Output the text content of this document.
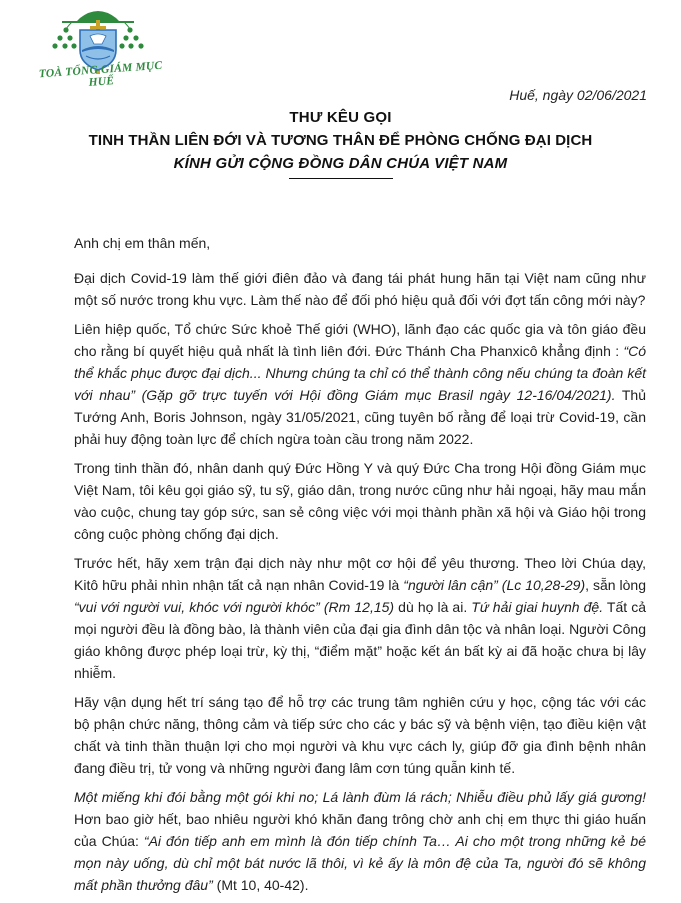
TOÀ TỔNG GIÁM MỤC HUẾ
Huế, ngày 02/06/2021
THƯ KÊU GỌI
TINH THẦN LIÊN ĐỚI VÀ TƯƠNG THÂN ĐỂ PHÒNG CHỐNG ĐẠI DỊCH
KÍNH GỬI CỘNG ĐỒNG DÂN CHÚA VIỆT NAM

Anh chị em thân mến,

Đại dịch Covid-19 làm thế giới điên đảo và đang tái phát hung hãn tại Việt nam cũng như một số nước trong khu vực. Làm thế nào để đối phó hiệu quả đối với đợt tấn công mới này?

Liên hiệp quốc, Tổ chức Sức khoẻ Thế giới (WHO), lãnh đạo các quốc gia và tôn giáo đều cho rằng bí quyết hiệu quả nhất là tình liên đới. Đức Thánh Cha Phanxicô khẳng định : “Có thể khắc phục được đại dịch... Nhưng chúng ta chỉ có thể thành công nếu chúng ta đoàn kết với nhau” (Gặp gỡ trực tuyến với Hội đồng Giám mục Brasil ngày 12-16/04/2021). Thủ Tướng Anh, Boris Johnson, ngày 31/05/2021, cũng tuyên bố rằng để loại trừ Covid-19, cần phải huy động toàn lực để chích ngừa toàn cầu trong năm 2022.

Trong tinh thần đó, nhân danh quý Đức Hồng Y và quý Đức Cha trong Hội đồng Giám mục Việt Nam, tôi kêu gọi giáo sỹ, tu sỹ, giáo dân, trong nước cũng như hải ngoại, hãy mau mắn vào cuộc, chung tay góp sức, san sẻ công việc với mọi thành phần xã hội và Giáo hội trong công cuộc phòng chống đại dịch.

Trước hết, hãy xem trận đại dịch này như một cơ hội để yêu thương. Theo lời Chúa dạy, Kitô hữu phải nhìn nhận tất cả nạn nhân Covid-19 là “người lân cận” (Lc 10,28-29), sẵn lòng “vui với người vui, khóc với người khóc” (Rm 12,15) dù họ là ai. Tứ hải giai huynh đệ. Tất cả mọi người đều là đồng bào, là thành viên của đại gia đình dân tộc và nhân loại. Người Công giáo không được phép loại trừ, kỳ thị, “điểm mặt” hoặc kết án bất kỳ ai đã hoặc chưa bị lây nhiễm.

Hãy vận dụng hết trí sáng tạo để hỗ trợ các trung tâm nghiên cứu y học, cộng tác với các bộ phận chức năng, thông cảm và tiếp sức cho các y bác sỹ và bệnh viện, tạo điều kiện vật chất và tinh thần thuận lợi cho mọi người và khu vực cách ly, giúp đỡ gia đình bệnh nhân đang điều trị, tử vong và những người đang lâm cơn túng quẫn kinh tế.

Một miếng khi đói bằng một gói khi no; Lá lành đùm lá rách; Nhiễu điều phủ lấy giá gương! Hơn bao giờ hết, bao nhiêu người khó khăn đang trông chờ anh chị em thực thi giáo huấn của Chúa: “Ai đón tiếp anh em mình là đón tiếp chính Ta… Ai cho một trong những kẻ bé mọn này uống, dù chỉ một bát nước lã thôi, vì kẻ ấy là môn đệ của Ta, người đó sẽ không mất phần thưởng đâu” (Mt 10, 40-42).
